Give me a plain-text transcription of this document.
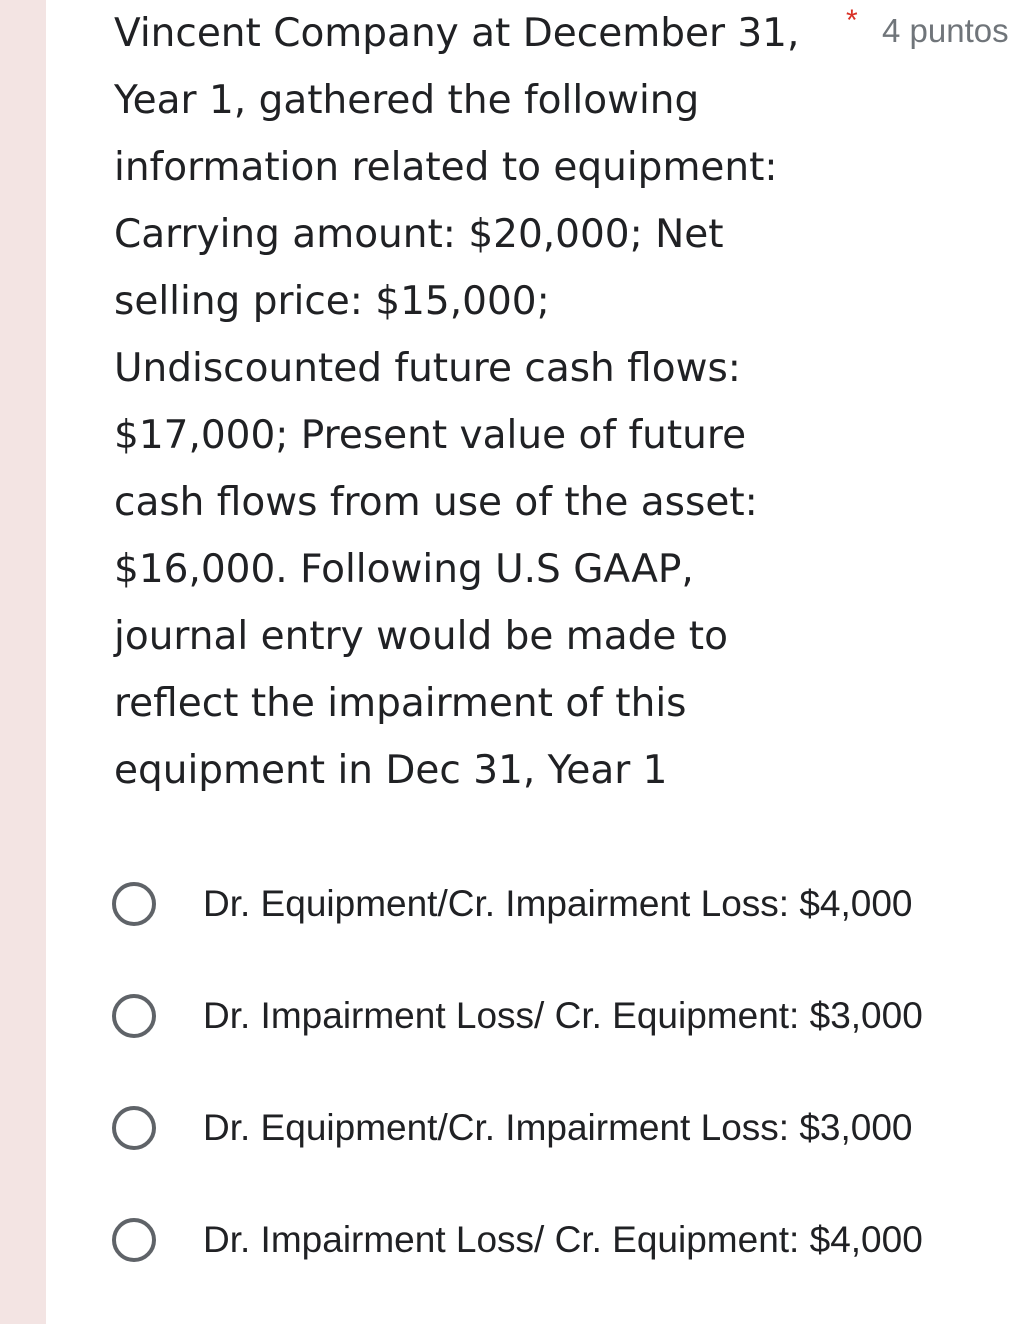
Vincent Company at December 31,
Year 1, gathered the following
information related to equipment:
Carrying amount: $20,000; Net
selling price: $15,000;
Undiscounted future cash flows:
$17,000; Present value of future
cash flows from use of the asset:
$16,000. Following U.S GAAP,
journal entry would be made to
reflect the impairment of this
equipment in Dec 31, Year 1
* 4 puntos
Dr. Equipment/Cr. Impairment Loss: $4,000
Dr. Impairment Loss/ Cr. Equipment: $3,000
Dr. Equipment/Cr. Impairment Loss: $3,000
Dr. Impairment Loss/ Cr. Equipment: $4,000
